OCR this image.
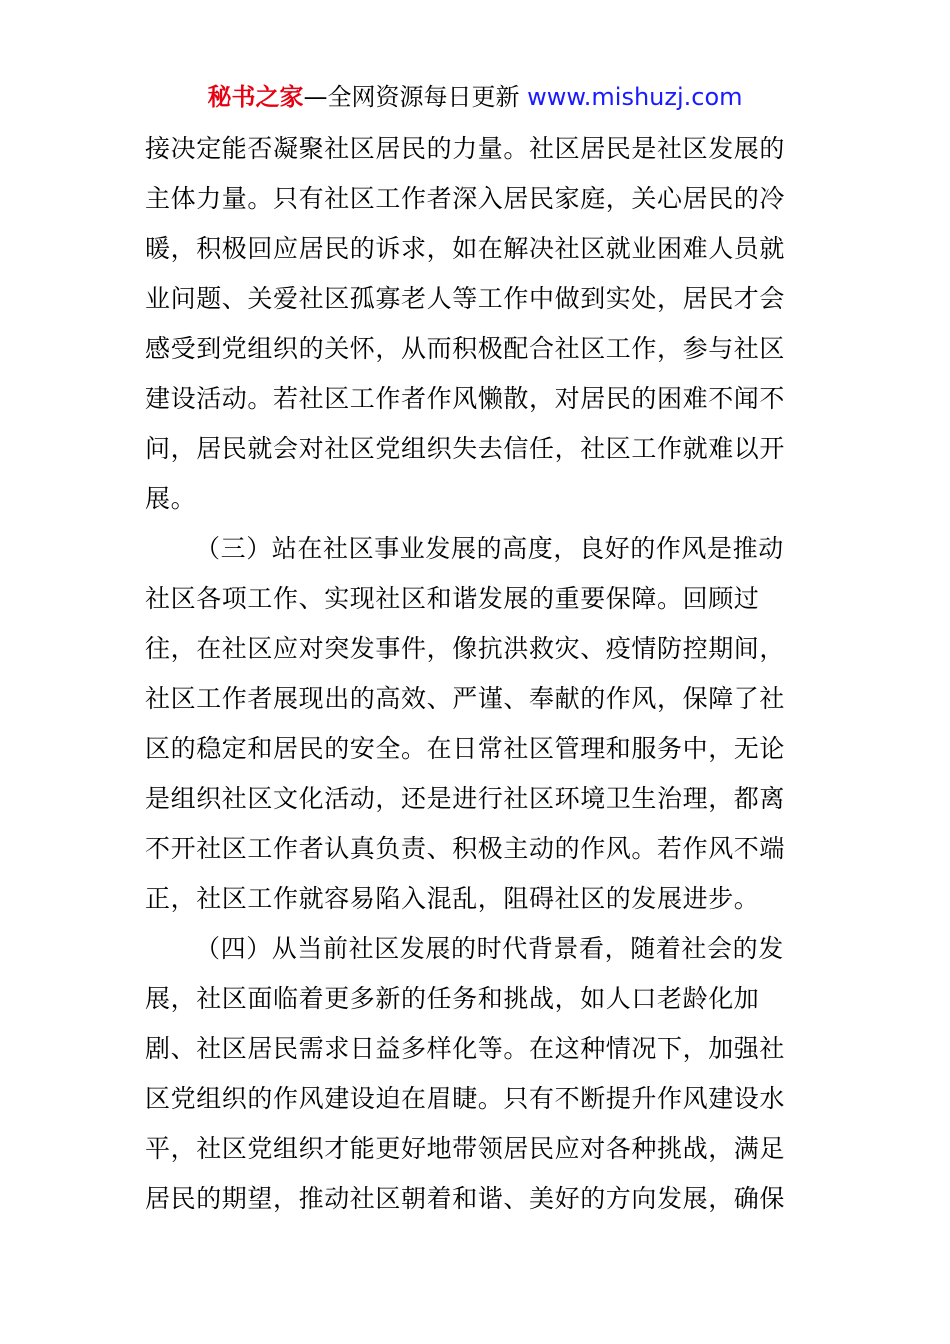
秘书之家—全网资源每日更新 www.mishuzj.com
接决定能否凝聚社区居民的力量。社区居民是社区发展的
主体力量。只有社区工作者深入居民家庭，关心居民的冷
暖，积极回应居民的诉求，如在解决社区就业困难人员就
业问题、关爱社区孤寡老人等工作中做到实处，居民才会
感受到党组织的关怀，从而积极配合社区工作，参与社区
建设活动。若社区工作者作风懒散，对居民的困难不闻不
问，居民就会对社区党组织失去信任，社区工作就难以开
展。
（三）站在社区事业发展的高度，良好的作风是推动
社区各项工作、实现社区和谐发展的重要保障。回顾过
往，在社区应对突发事件，像抗洪救灾、疫情防控期间，
社区工作者展现出的高效、严谨、奉献的作风，保障了社
区的稳定和居民的安全。在日常社区管理和服务中，无论
是组织社区文化活动，还是进行社区环境卫生治理，都离
不开社区工作者认真负责、积极主动的作风。若作风不端
正，社区工作就容易陷入混乱，阻碍社区的发展进步。
（四）从当前社区发展的时代背景看，随着社会的发
展，社区面临着更多新的任务和挑战，如人口老龄化加
剧、社区居民需求日益多样化等。在这种情况下，加强社
区党组织的作风建设迫在眉睫。只有不断提升作风建设水
平，社区党组织才能更好地带领居民应对各种挑战，满足
居民的期望，推动社区朝着和谐、美好的方向发展，确保
